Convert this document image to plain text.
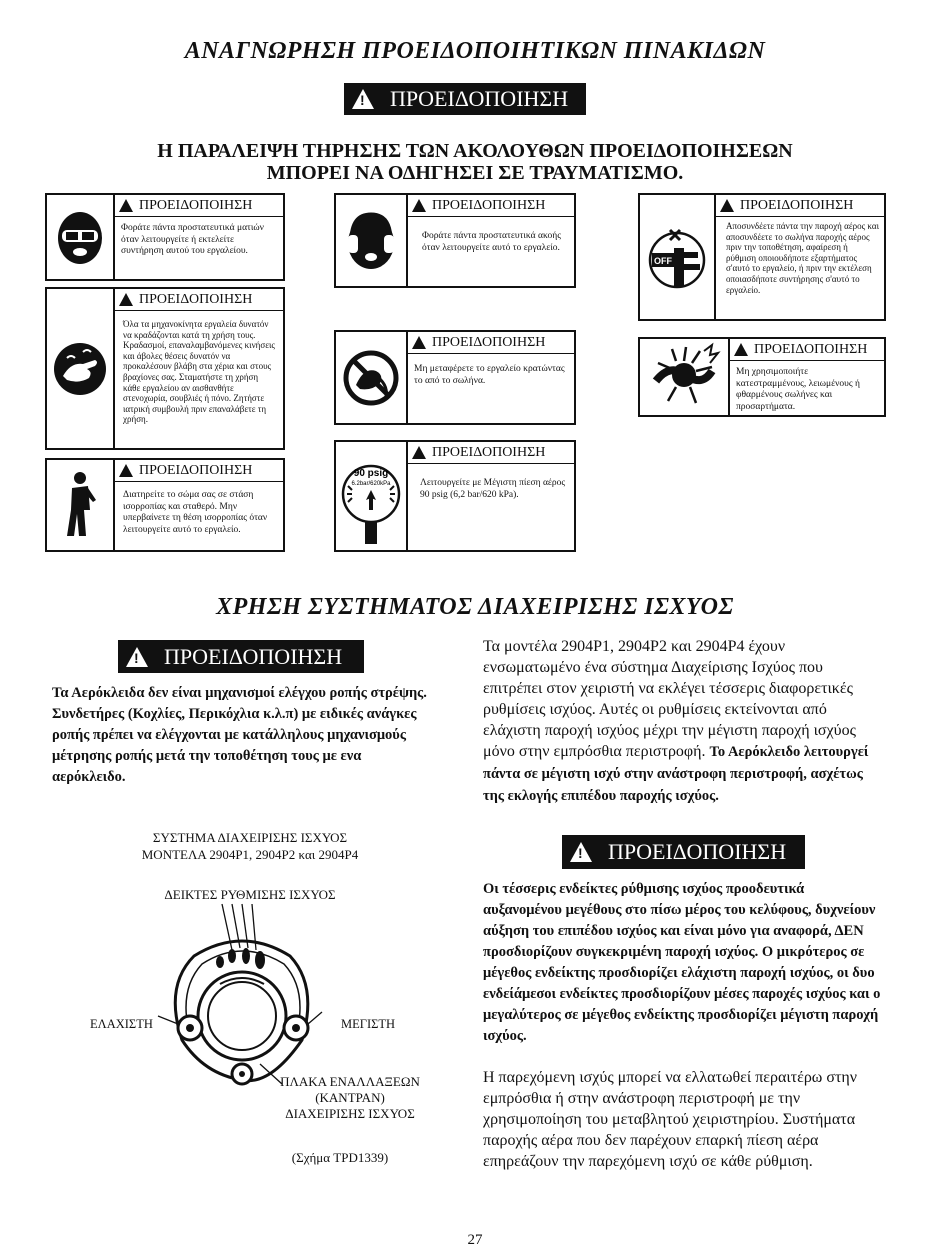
ΑΝΑΓΝΩΡΗΣΗ ΠΡΟΕΙΔΟΠΟΙΗΤΙΚΩΝ ΠΙΝΑΚΙΔΩΝ
!
ΠΡΟΕΙΔΟΠΟΙΗΣΗ
Η ΠΑΡΑΛΕΙΨΗ ΤΗΡΗΣΗΣ ΤΩΝ ΑΚΟΛΟΥΘΩΝ ΠΡΟΕΙΔΟΠΟΙΗΣΕΩΝ
ΜΠΟΡΕΙ ΝΑ ΟΔΗΓΗΣΕΙ ΣΕ ΤΡΑΥΜΑΤΙΣΜΟ.
ΠΡΟΕΙΔΟΠΟΙΗΣΗ
Φοράτε πάντα προστατευτικά ματιών όταν λειτουργείτε ή εκτελείτε συντήρηση αυτού του εργαλείου.
ΠΡΟΕΙΔΟΠΟΙΗΣΗ
Όλα τα μηχανοκίνητα εργαλεία δυνατόν να κραδάζονται κατά τη χρήση τους. Κραδασμοί, επαναλαμβανόμενες κινήσεις και άβολες θέσεις δυνατόν να προκαλέσουν βλάβη στα χέρια και στους βραχίονες σας. Σταματήστε τη χρήση κάθε εργαλείου αν αισθανθήτε στενοχωρία, σουβλιές ή πόνο. Ζητήστε ιατρική συμβουλή πριν επαναλάβετε τη χρήση.
ΠΡΟΕΙΔΟΠΟΙΗΣΗ
Διατηρείτε το σώμα σας σε στάση ισορροπίας και σταθερό. Μην υπερβαίνετε τη θέση ισορροπίας όταν λειτουργείτε αυτό το εργαλείο.
ΠΡΟΕΙΔΟΠΟΙΗΣΗ
Φοράτε πάντα προστατευτικά ακοής όταν λειτουργείτε αυτό το εργαλείο.
ΠΡΟΕΙΔΟΠΟΙΗΣΗ
Μη μεταφέρετε το εργαλείο κρατώντας το από το σωλήνα.
90 psig
6.2bar/620kPa
ΠΡΟΕΙΔΟΠΟΙΗΣΗ
Λειτουργείτε με Μέγιστη πίεση αέρος 90 psig (6,2 bar/620 kPa).
OFF
ΠΡΟΕΙΔΟΠΟΙΗΣΗ
Αποσυνδέετε πάντα την παροχή αέρος και αποσυνδέετε το σωλήνα παροχής αέρος πριν την τοποθέτηση, αφαίρεση ή ρύθμιση οποιουδήποτε εξαρτήματος σ'αυτό το εργαλείο, ή πριν την εκτέλεση οποιασδήποτε συντήρησης σ'αυτό το εργαλείο.
ΠΡΟΕΙΔΟΠΟΙΗΣΗ
Μη χρησιμοποιήτε κατεστραμμένους, λειωμένους ή φθαρμένους σωλήνες και προσαρτήματα.
ΧΡΗΣΗ ΣΥΣΤΗΜΑΤΟΣ ΔΙΑΧΕΙΡΙΣΗΣ ΙΣΧΥΟΣ
!
ΠΡΟΕΙΔΟΠΟΙΗΣΗ
Τα Αερόκλειδα δεν είναι μηχανισμοί ελέγχου ροπής στρέψης. Συνδετήρες (Κοχλίες, Περικόχλια κ.λ.π) με ειδικές ανάγκες ροπής πρέπει να ελέγχονται με κατάλληλους μηχανισμούς μέτρησης ροπής μετά την τοποθέτηση τους με ενα αερόκλειδο.
ΣΥΣΤΗΜΑ ΔΙΑΧΕΙΡΙΣΗΣ ΙΣΧΥΟΣ
ΜΟΝΤΕΛΑ 2904P1, 2904P2 και 2904P4
ΔΕΙΚΤΕΣ ΡΥΘΜΙΣΗΣ ΙΣΧΥΟΣ
ΕΛΑΧΙΣΤΗ	ΜΕΓΙΣΤΗ
ΠΛΑΚΑ ΕΝΑΛΛΑΞΕΩΝ
(ΚΑΝΤΡΑΝ)
ΔΙΑΧΕΙΡΙΣΗΣ ΙΣΧΥΟΣ
(Σχήμα TPD1339)
Τα μοντέλα 2904P1, 2904P2 και 2904P4 έχουν ενσωματωμένο ένα σύστημα Διαχείρισης Ισχύος που επιτρέπει στον χειριστή να εκλέγει τέσσερις διαφορετικές ρυθμίσεις ισχύος. Αυτές οι ρυθμίσεις εκτείνονται από ελάχιστη παροχή ισχύος μέχρι την μέγιστη παροχή ισχύος μόνο στην εμπρόσθια περιστροφή. Το Αερόκλειδο λειτουργεί πάντα σε μέγιστη ισχύ στην ανάστροφη περιστροφή, ασχέτως της εκλογής επιπέδου παροχής ισχύος.
!
ΠΡΟΕΙΔΟΠΟΙΗΣΗ
Οι τέσσερις ενδείκτες ρύθμισης ισχύος προοδευτικά αυξανομένου μεγέθους στο πίσω μέρος του κελύφους, δυχνείουν αύξηση του επιπέδου ισχύος και είναι μόνο για αναφορά, ΔΕΝ προσδιορίζουν συγκεκριμένη παροχή ισχύος. Ο μικρότερος σε μέγεθος ενδείκτης προσδιορίζει ελάχιστη παροχή ισχύος, οι δυο ενδείάμεσοι ενδείκτες προσδιορίζουν μέσες παροχές ισχύος και ο μεγαλύτερος σε μέγεθος ενδείκτης προσδιορίζει μέγιστη παροχή ισχύος.
Η παρεχόμενη ισχύς μπορεί να ελλατωθεί περαιτέρω στην εμπρόσθια ή στην ανάστροφη περιστροφή με την χρησιμοποίηση του μεταβλητού χειριστηρίου. Συστήματα παροχής αέρα που δεν παρέχουν επαρκή πίεση αέρα επηρεάζουν την παρεχόμενη ισχύ σε κάθε ρύθμιση.
27
